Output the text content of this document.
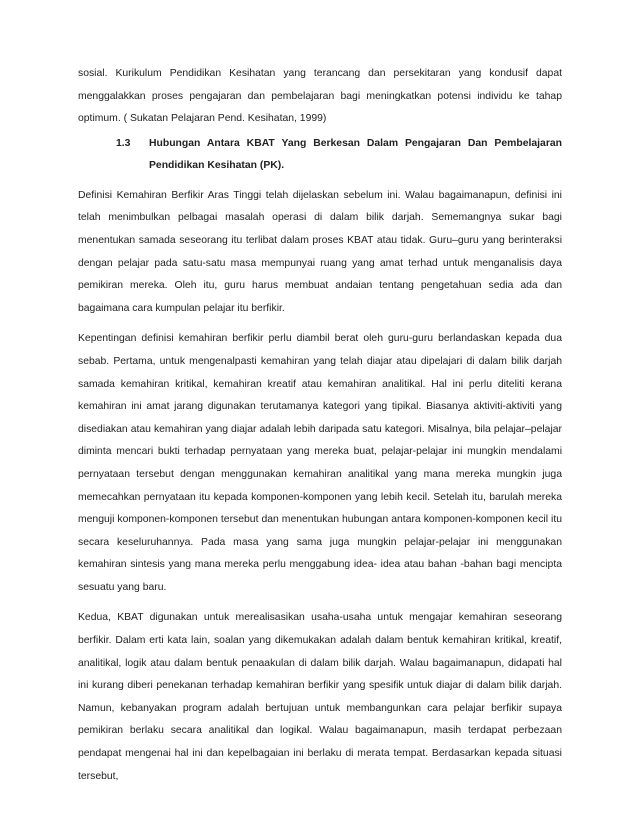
sosial. Kurikulum Pendidikan Kesihatan yang terancang dan persekitaran yang kondusif dapat menggalakkan proses pengajaran dan pembelajaran bagi meningkatkan potensi individu ke tahap optimum. ( Sukatan Pelajaran Pend. Kesihatan, 1999)

1.3	Hubungan Antara KBAT Yang Berkesan Dalam Pengajaran Dan Pembelajaran Pendidikan Kesihatan (PK).

Definisi Kemahiran Berfikir Aras Tinggi telah dijelaskan sebelum ini. Walau bagaimanapun, definisi ini telah menimbulkan pelbagai masalah operasi di dalam bilik darjah. Sememangnya sukar bagi menentukan samada seseorang itu terlibat dalam proses KBAT atau tidak. Guru–guru yang berinteraksi dengan pelajar pada satu-satu masa mempunyai ruang yang amat terhad untuk menganalisis daya pemikiran mereka. Oleh itu, guru harus membuat andaian tentang pengetahuan sedia ada dan bagaimana cara kumpulan pelajar itu berfikir.

Kepentingan definisi kemahiran berfikir perlu diambil berat oleh guru-guru berlandaskan kepada dua sebab. Pertama, untuk mengenalpasti kemahiran yang telah diajar atau dipelajari di dalam bilik darjah samada kemahiran kritikal, kemahiran kreatif atau kemahiran analitikal. Hal ini perlu diteliti kerana kemahiran ini amat jarang digunakan terutamanya kategori yang tipikal. Biasanya aktiviti-aktiviti yang disediakan atau kemahiran yang diajar adalah lebih daripada satu kategori. Misalnya, bila pelajar–pelajar diminta mencari bukti terhadap pernyataan yang mereka buat, pelajar-pelajar ini mungkin mendalami pernyataan tersebut dengan menggunakan kemahiran analitikal yang mana mereka mungkin juga memecahkan pernyataan itu kepada komponen-komponen yang lebih kecil. Setelah itu, barulah mereka menguji komponen-komponen tersebut dan menentukan hubungan antara komponen-komponen kecil itu secara keseluruhannya. Pada masa yang sama juga mungkin pelajar-pelajar ini menggunakan kemahiran sintesis yang mana mereka perlu menggabung idea- idea atau bahan -bahan bagi mencipta sesuatu yang baru.

Kedua, KBAT digunakan untuk merealisasikan usaha-usaha untuk mengajar kemahiran seseorang berfikir. Dalam erti kata lain, soalan yang dikemukakan adalah dalam bentuk kemahiran kritikal, kreatif, analitikal, logik atau dalam bentuk penaakulan di dalam bilik darjah. Walau bagaimanapun, didapati hal ini kurang diberi penekanan terhadap kemahiran berfikir yang spesifik untuk diajar di dalam bilik darjah. Namun, kebanyakan program adalah bertujuan untuk membangunkan cara pelajar berfikir supaya pemikiran berlaku secara analitikal dan logikal. Walau bagaimanapun, masih terdapat perbezaan pendapat mengenai hal ini dan kepelbagaian ini berlaku di merata tempat. Berdasarkan kepada situasi tersebut,
